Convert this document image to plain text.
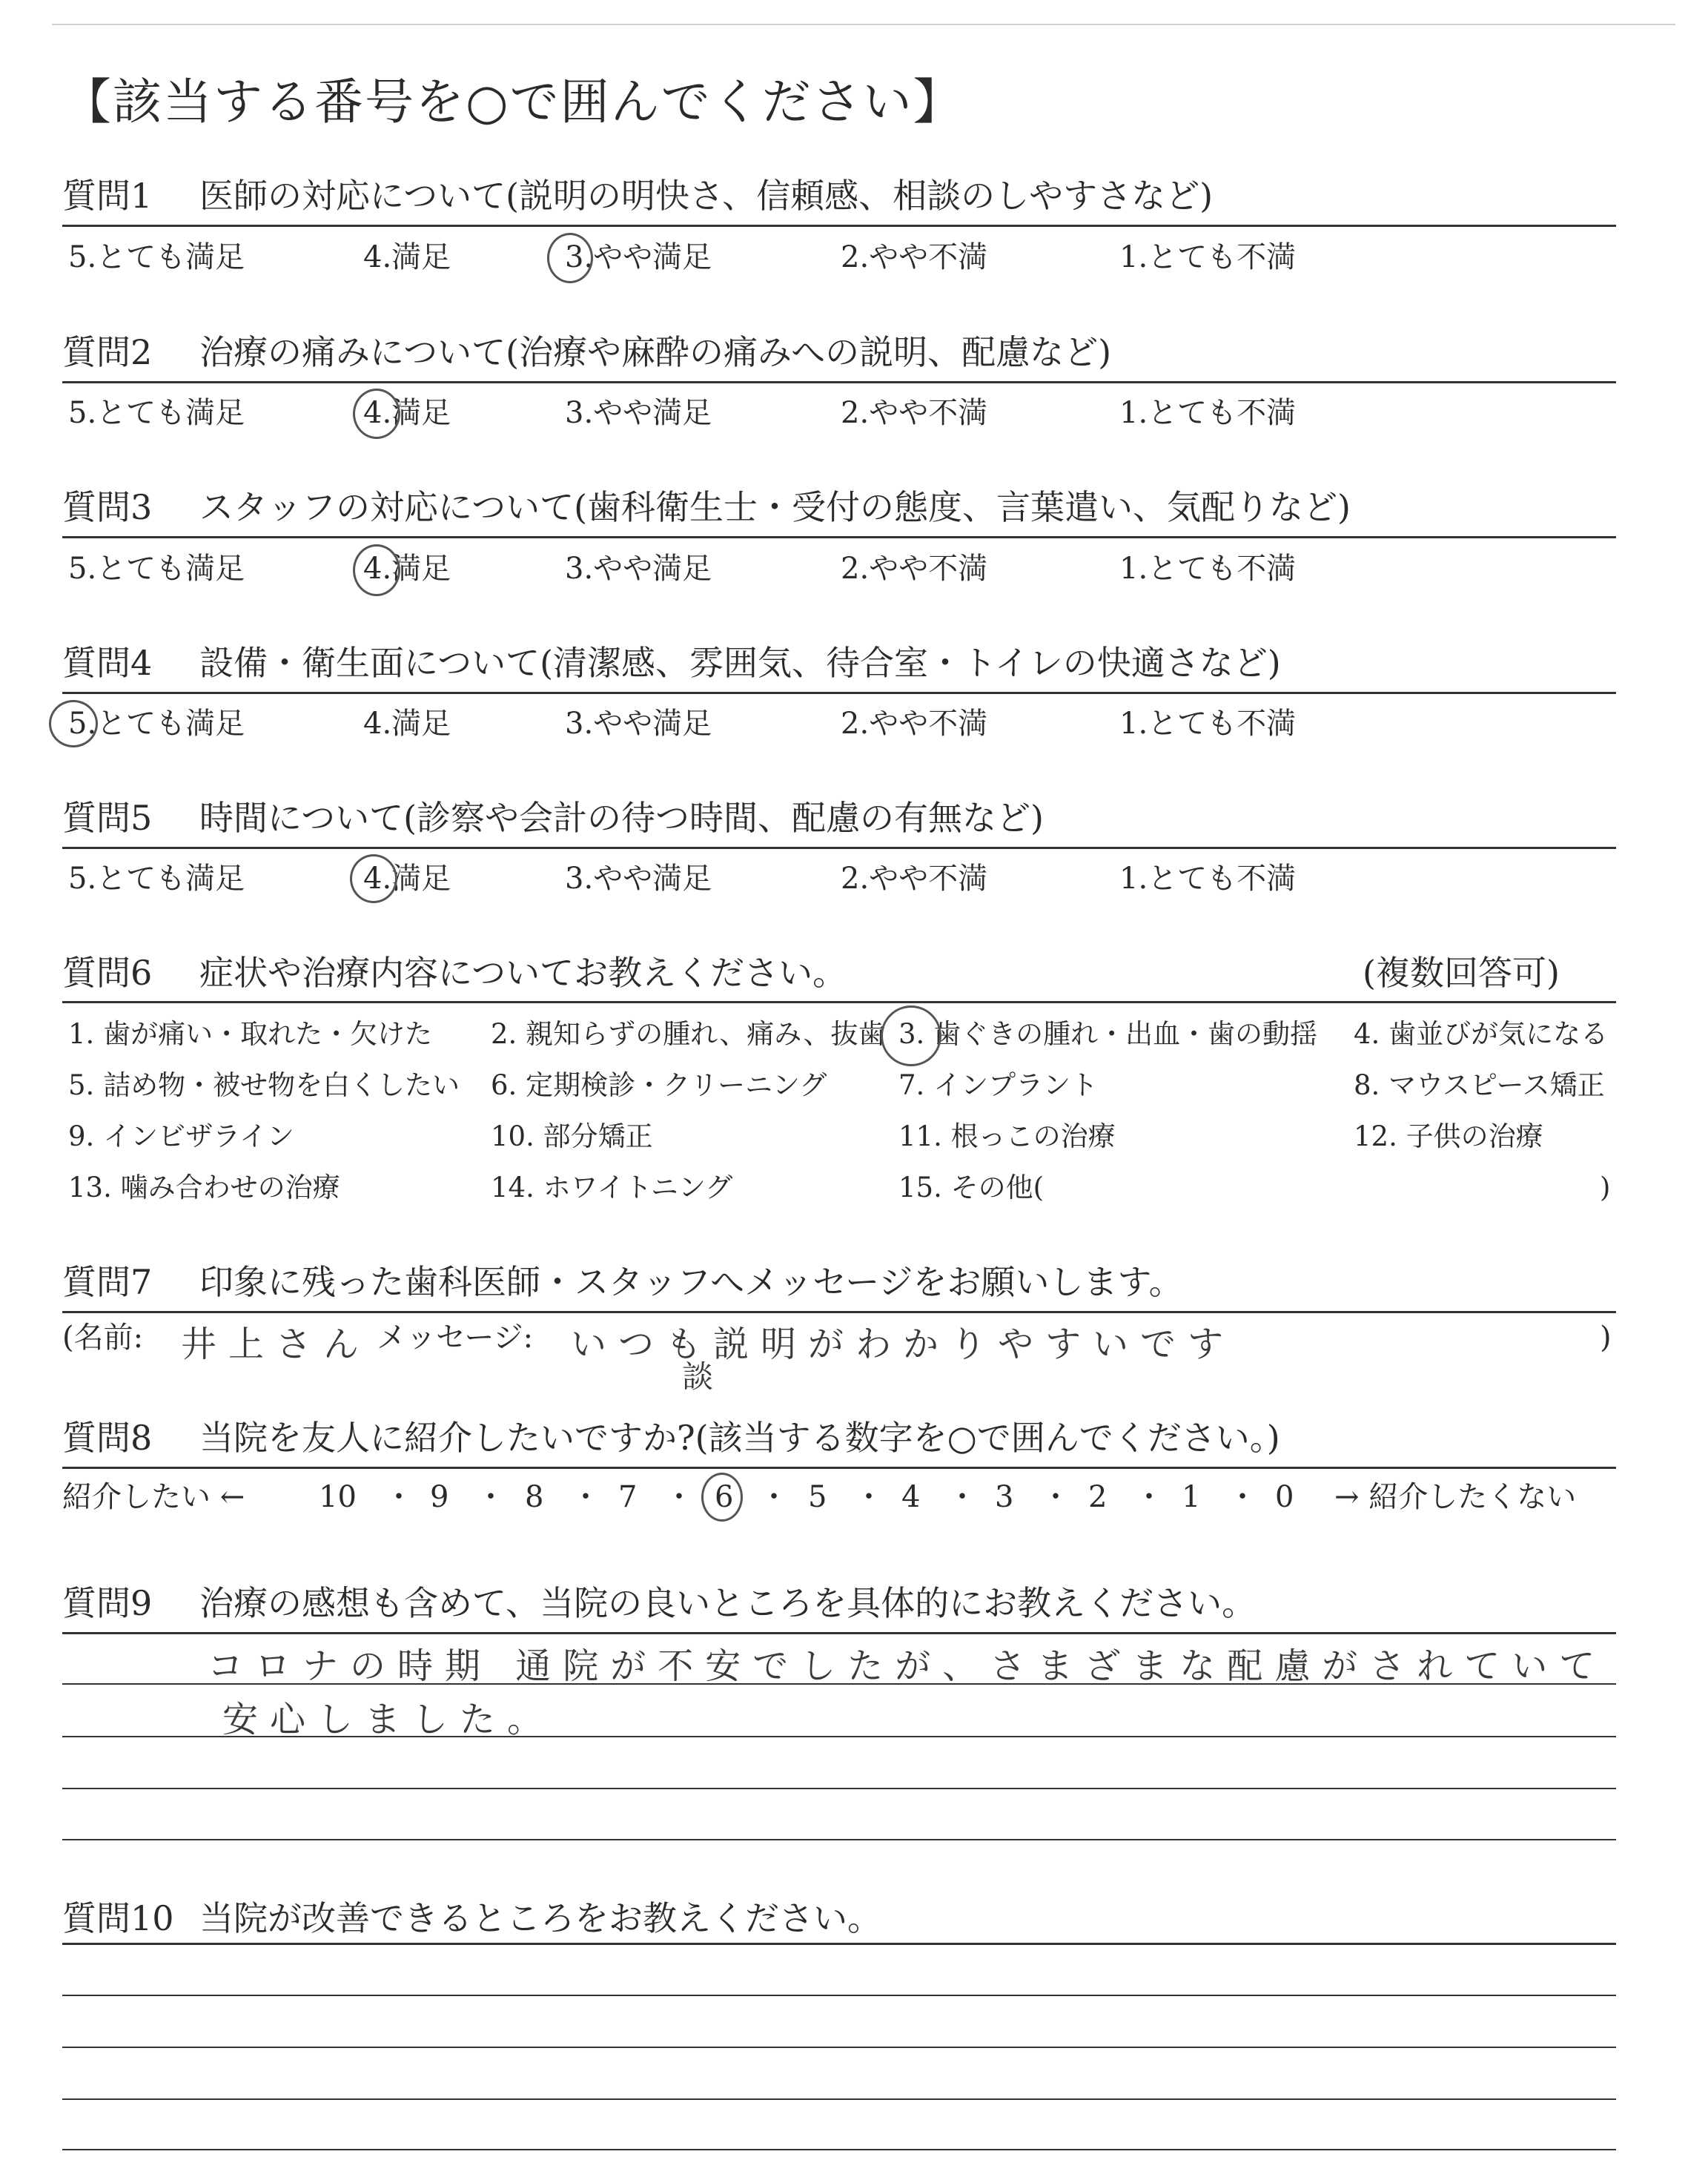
【該当する番号を○で囲んでください】
質問1 医師の対応について(説明の明快さ、信頼感、相談のしやすさなど)
5.とても満足	4.満足	3.やや満足	2.やや不満	1.とても不満
質問2 治療の痛みについて(治療や麻酔の痛みへの説明、配慮など)
5.とても満足	4.満足	3.やや満足	2.やや不満	1.とても不満
質問3 スタッフの対応について(歯科衛生士・受付の態度、言葉遣い、気配りなど)
5.とても満足	4.満足	3.やや満足	2.やや不満	1.とても不満
質問4 設備・衛生面について(清潔感、雰囲気、待合室・トイレの快適さなど)
5.とても満足	4.満足	3.やや満足	2.やや不満	1.とても不満
質問5 時間について(診察や会計の待つ時間、配慮の有無など)
5.とても満足	4.満足	3.やや満足	2.やや不満	1.とても不満
質問6 症状や治療内容についてお教えください。	(複数回答可)
1. 歯が痛い・取れた・欠けた 2. 親知らずの腫れ、痛み、抜歯 3. 歯ぐきの腫れ・出血・歯の動揺 4. 歯並びが気になる
5. 詰め物・被せ物を白くしたい 6. 定期検診・クリーニング	7. インプラント	8. マウスピース矯正
9. インビザライン	10. 部分矯正	11. 根っこの治療	12. 子供の治療
13. 噛み合わせの治療	14. ホワイトニング	15. その他(	)
質問7 印象に残った歯科医師・スタッフへメッセージをお願いします。
(名前: 井上さん メッセージ: いつも説明がわかりやすいです
談
)
質問8 当院を友人に紹介したいですか?(該当する数字を○で囲んでください。)
紹介したい ← 10 ・ 9 ・ 8 ・ 7 ・ 6 ・ 5 ・ 4 ・ 3 ・ 2 ・ 1 ・ 0 → 紹介したくない
質問9 治療の感想も含めて、当院の良いところを具体的にお教えください。
コロナの時期 通院が不安でしたが、さまざまな配慮がされていて
安心しました。
質問10 当院が改善できるところをお教えください。
